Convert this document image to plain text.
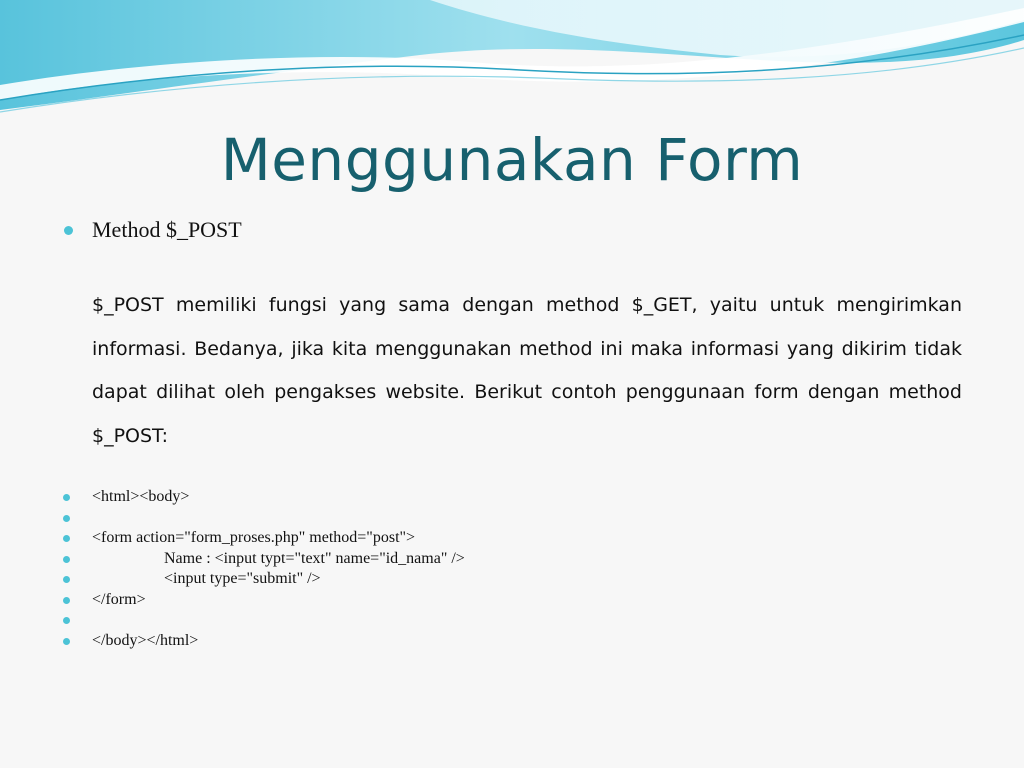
Menggunakan Form
Method $_POST
$_POST memiliki fungsi yang sama dengan method $_GET, yaitu untuk mengirimkan informasi. Bedanya, jika kita menggunakan method ini maka informasi yang dikirim tidak dapat dilihat oleh pengakses website. Berikut contoh penggunaan form dengan method $_POST:
<html><body>
<form action="form_proses.php" method="post">
Name : <input typt="text" name="id_nama" />
<input type="submit" />
</form>
</body></html>
